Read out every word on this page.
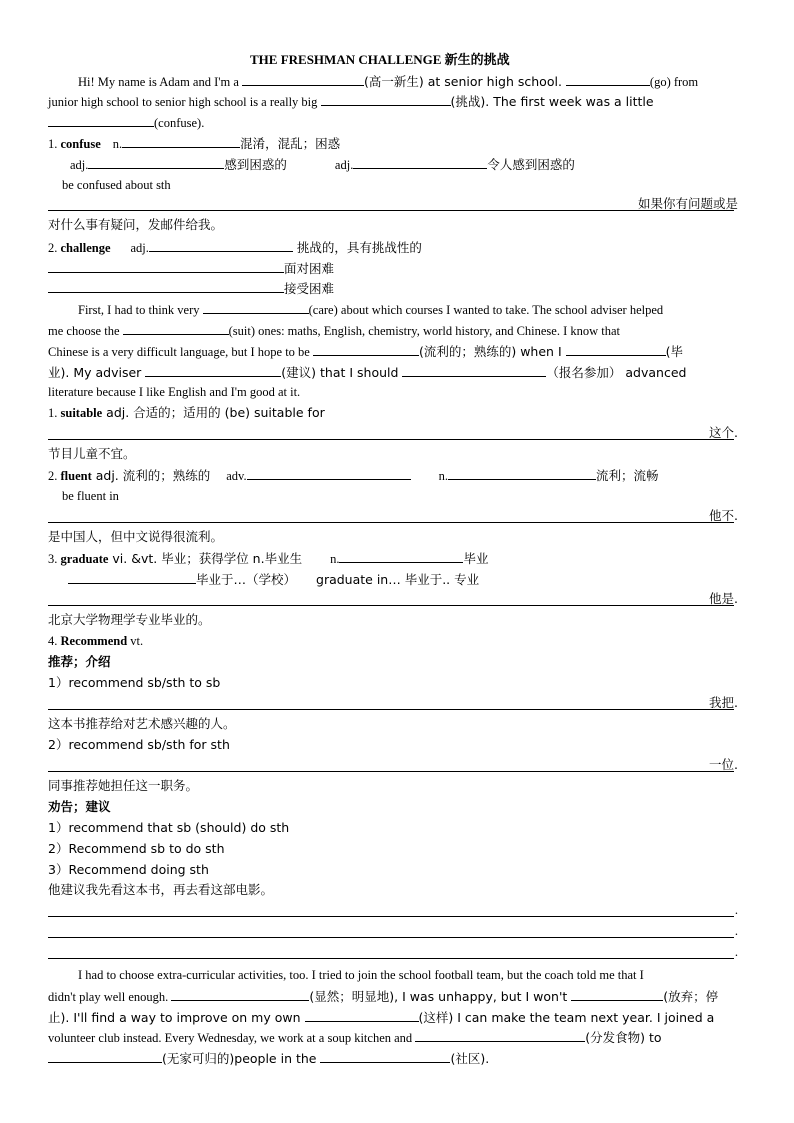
THE FRESHMAN CHALLENGE 新生的挑战
Hi! My name is Adam and I'm a	(高一新生) at senior high school.	(go) from
junior high school to senior high school is a really big	(挑战). The first week was a little
(confuse).
1. confuse n.	混淆，混乱；困惑
adj.	感到困惑的	adj.	令人感到困惑的
be confused about sth
如果你有问题或是
对什么事有疑问，发邮件给我。
2. challenge adj.	挑战的，具有挑战性的
面对困难
接受困难
First, I had to think very	(care) about which courses I wanted to take. The school adviser helped
me choose the	(suit) ones: maths, English, chemistry, world history, and Chinese. I know that
Chinese is a very difficult language, but I hope to be	(流利的；熟练的) when I	(毕
业). My adviser	(建议) that I should	（报名参加） advanced
literature because I like English and I'm good at it.
1. suitable adj. 合适的；适用的 (be) suitable for
这个.
节目儿童不宜。
2. fluent adj. 流利的；熟练的 adv.	n.	流利；流畅
be fluent in
他不.
是中国人，但中文说得很流利。
3. graduate vi. &vt. 毕业；获得学位 n.毕业生 n.	毕业
毕业于…（学校） graduate in… 毕业于.. 专业
他是.
北京大学物理学专业毕业的。
4. Recommend vt.
推荐；介绍
1）recommend sb/sth to sb
我把.
这本书推荐给对艺术感兴趣的人。
2）recommend sb/sth for sth
一位.
同事推荐她担任这一职务。
劝告；建议
1）recommend that sb (should) do sth
2）Recommend sb to do sth
3）Recommend doing sth
他建议我先看这本书，再去看这部电影。
.
.
.
I had to choose extra-curricular activities, too. I tried to join the school football team, but the coach told me that I
didn't play well enough.	(显然；明显地), I was unhappy, but I won't	(放弃；停
止). I'll find a way to improve on my own	(这样) I can make the team next year. I joined a
volunteer club instead. Every Wednesday, we work at a soup kitchen and	(分发食物) to
(无家可归的)people in the	(社区).
